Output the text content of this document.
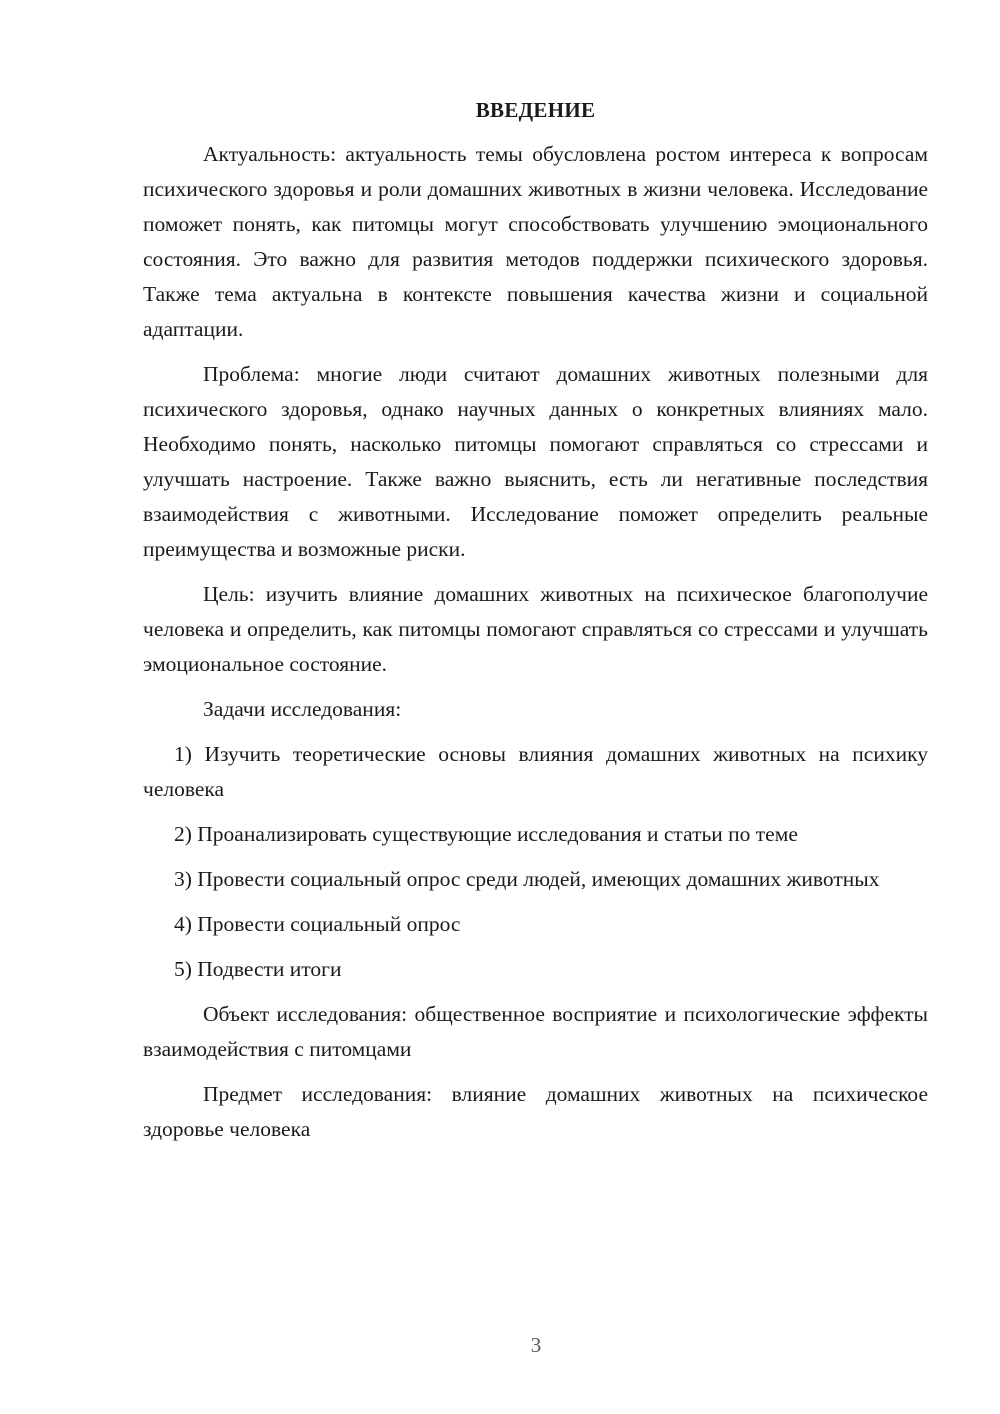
ВВЕДЕНИЕ

Актуальность: актуальность темы обусловлена ростом интереса к вопросам психического здоровья и роли домашних животных в жизни человека. Исследование поможет понять, как питомцы могут способствовать улучшению эмоционального состояния. Это важно для развития методов поддержки психического здоровья. Также тема актуальна в контексте повышения качества жизни и социальной адаптации.

Проблема: многие люди считают домашних животных полезными для психического здоровья, однако научных данных о конкретных влияниях мало. Необходимо понять, насколько питомцы помогают справляться со стрессами и улучшать настроение. Также важно выяснить, есть ли негативные последствия взаимодействия с животными. Исследование поможет определить реальные преимущества и возможные риски.

Цель: изучить влияние домашних животных на психическое благополучие человека и определить, как питомцы помогают справляться со стрессами и улучшать эмоциональное состояние.

Задачи исследования:

1) Изучить теоретические основы влияния домашних животных на психику человека

2) Проанализировать существующие исследования и статьи по теме

3) Провести социальный опрос среди людей, имеющих домашних животных

4) Провести социальный опрос

5) Подвести итоги

Объект исследования: общественное восприятие и психологические эффекты взаимодействия с питомцами

Предмет исследования: влияние домашних животных на психическое здоровье человека

3
